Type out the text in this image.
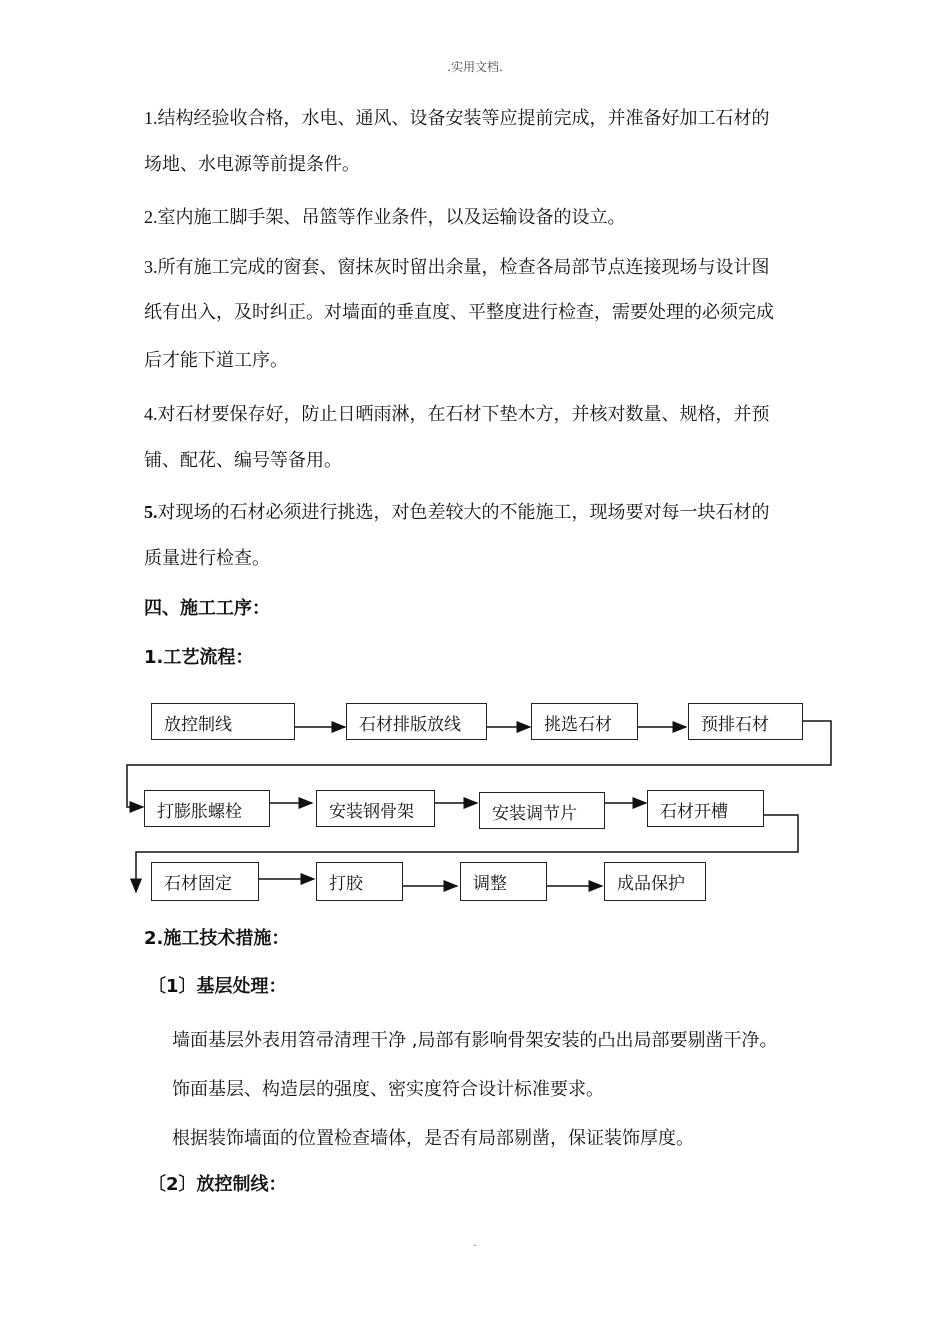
.实用文档.
1.结构经验收合格，水电、通风、设备安装等应提前完成，并准备好加工石材的
场地、水电源等前提条件。
2.室内施工脚手架、吊篮等作业条件，以及运输设备的设立。
3.所有施工完成的窗套、窗抹灰时留出余量，检查各局部节点连接现场与设计图
纸有出入，及时纠正。对墙面的垂直度、平整度进行检查，需要处理的必须完成
后才能下道工序。
4.对石材要保存好，防止日晒雨淋，在石材下垫木方，并核对数量、规格，并预
铺、配花、编号等备用。
5.对现场的石材必须进行挑选，对色差较大的不能施工，现场要对每一块石材的
质量进行检查。
四、施工工序：
1.工艺流程：
放控制线	石材排版放线	挑选石材	预排石材
打膨胀螺栓	安装钢骨架	安装调节片	石材开槽
石材固定	打胶	调整	成品保护
2.施工技术措施：
〔1〕基层处理：
墙面基层外表用笤帚清理干净 ,局部有影响骨架安装的凸出局部要剔凿干净。
饰面基层、构造层的强度、密实度符合设计标准要求。
根据装饰墙面的位置检查墙体，是否有局部剔凿，保证装饰厚度。
〔2〕放控制线：
.
